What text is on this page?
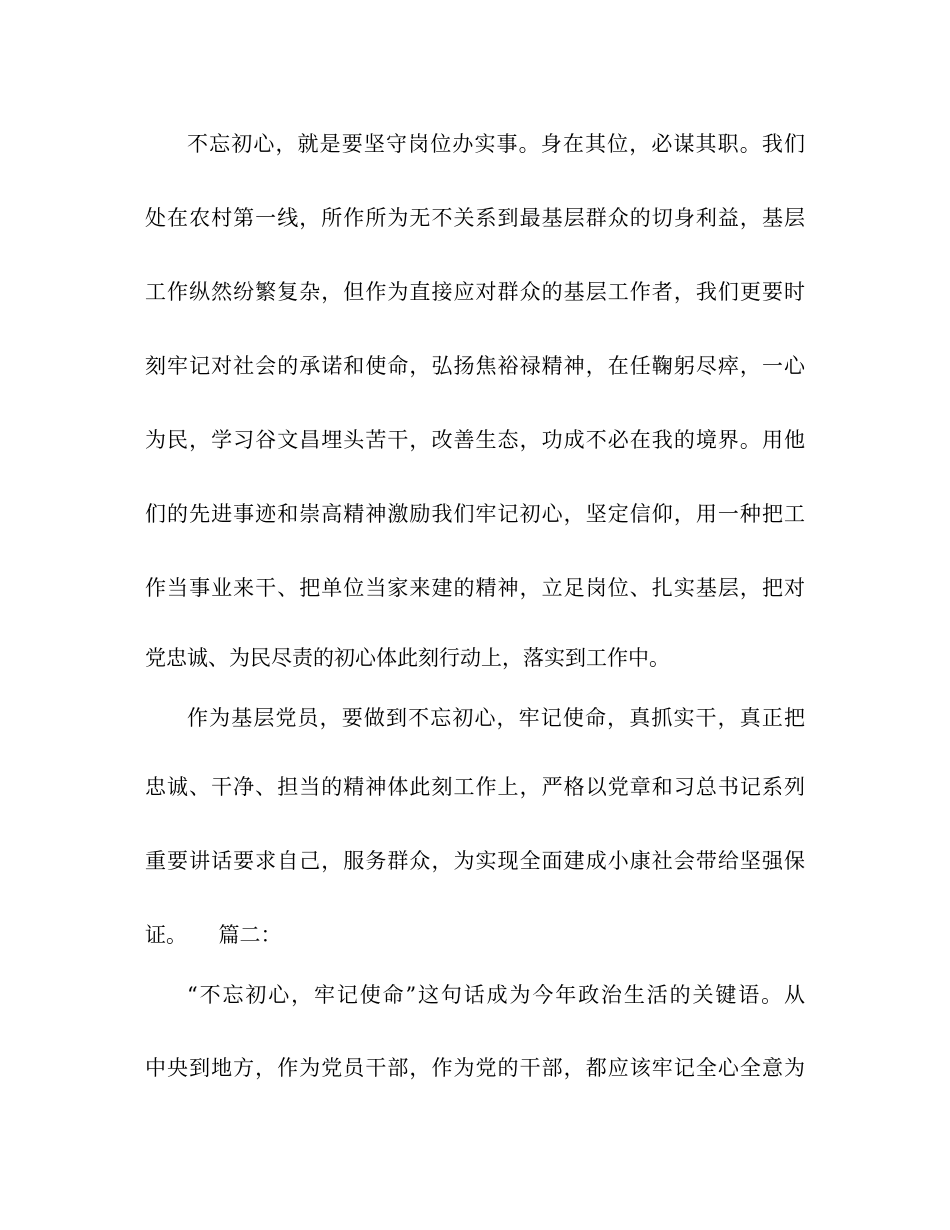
不忘初心，就是要坚守岗位办实事。身在其位，必谋其职。我们

处在农村第一线，所作所为无不关系到最基层群众的切身利益，基层

工作纵然纷繁复杂，但作为直接应对群众的基层工作者，我们更要时

刻牢记对社会的承诺和使命，弘扬焦裕禄精神，在任鞠躬尽瘁，一心

为民，学习谷文昌埋头苦干，改善生态，功成不必在我的境界。用他

们的先进事迹和崇高精神激励我们牢记初心，坚定信仰，用一种把工

作当事业来干、把单位当家来建的精神，立足岗位、扎实基层，把对

党忠诚、为民尽责的初心体此刻行动上，落实到工作中。

作为基层党员，要做到不忘初心，牢记使命，真抓实干，真正把

忠诚、干净、担当的精神体此刻工作上，严格以党章和习总书记系列

重要讲话要求自己，服务群众，为实现全面建成小康社会带给坚强保

证。　　篇二：

“不忘初心，牢记使命”这句话成为今年政治生活的关键语。从

中央到地方，作为党员干部，作为党的干部，都应该牢记全心全意为
